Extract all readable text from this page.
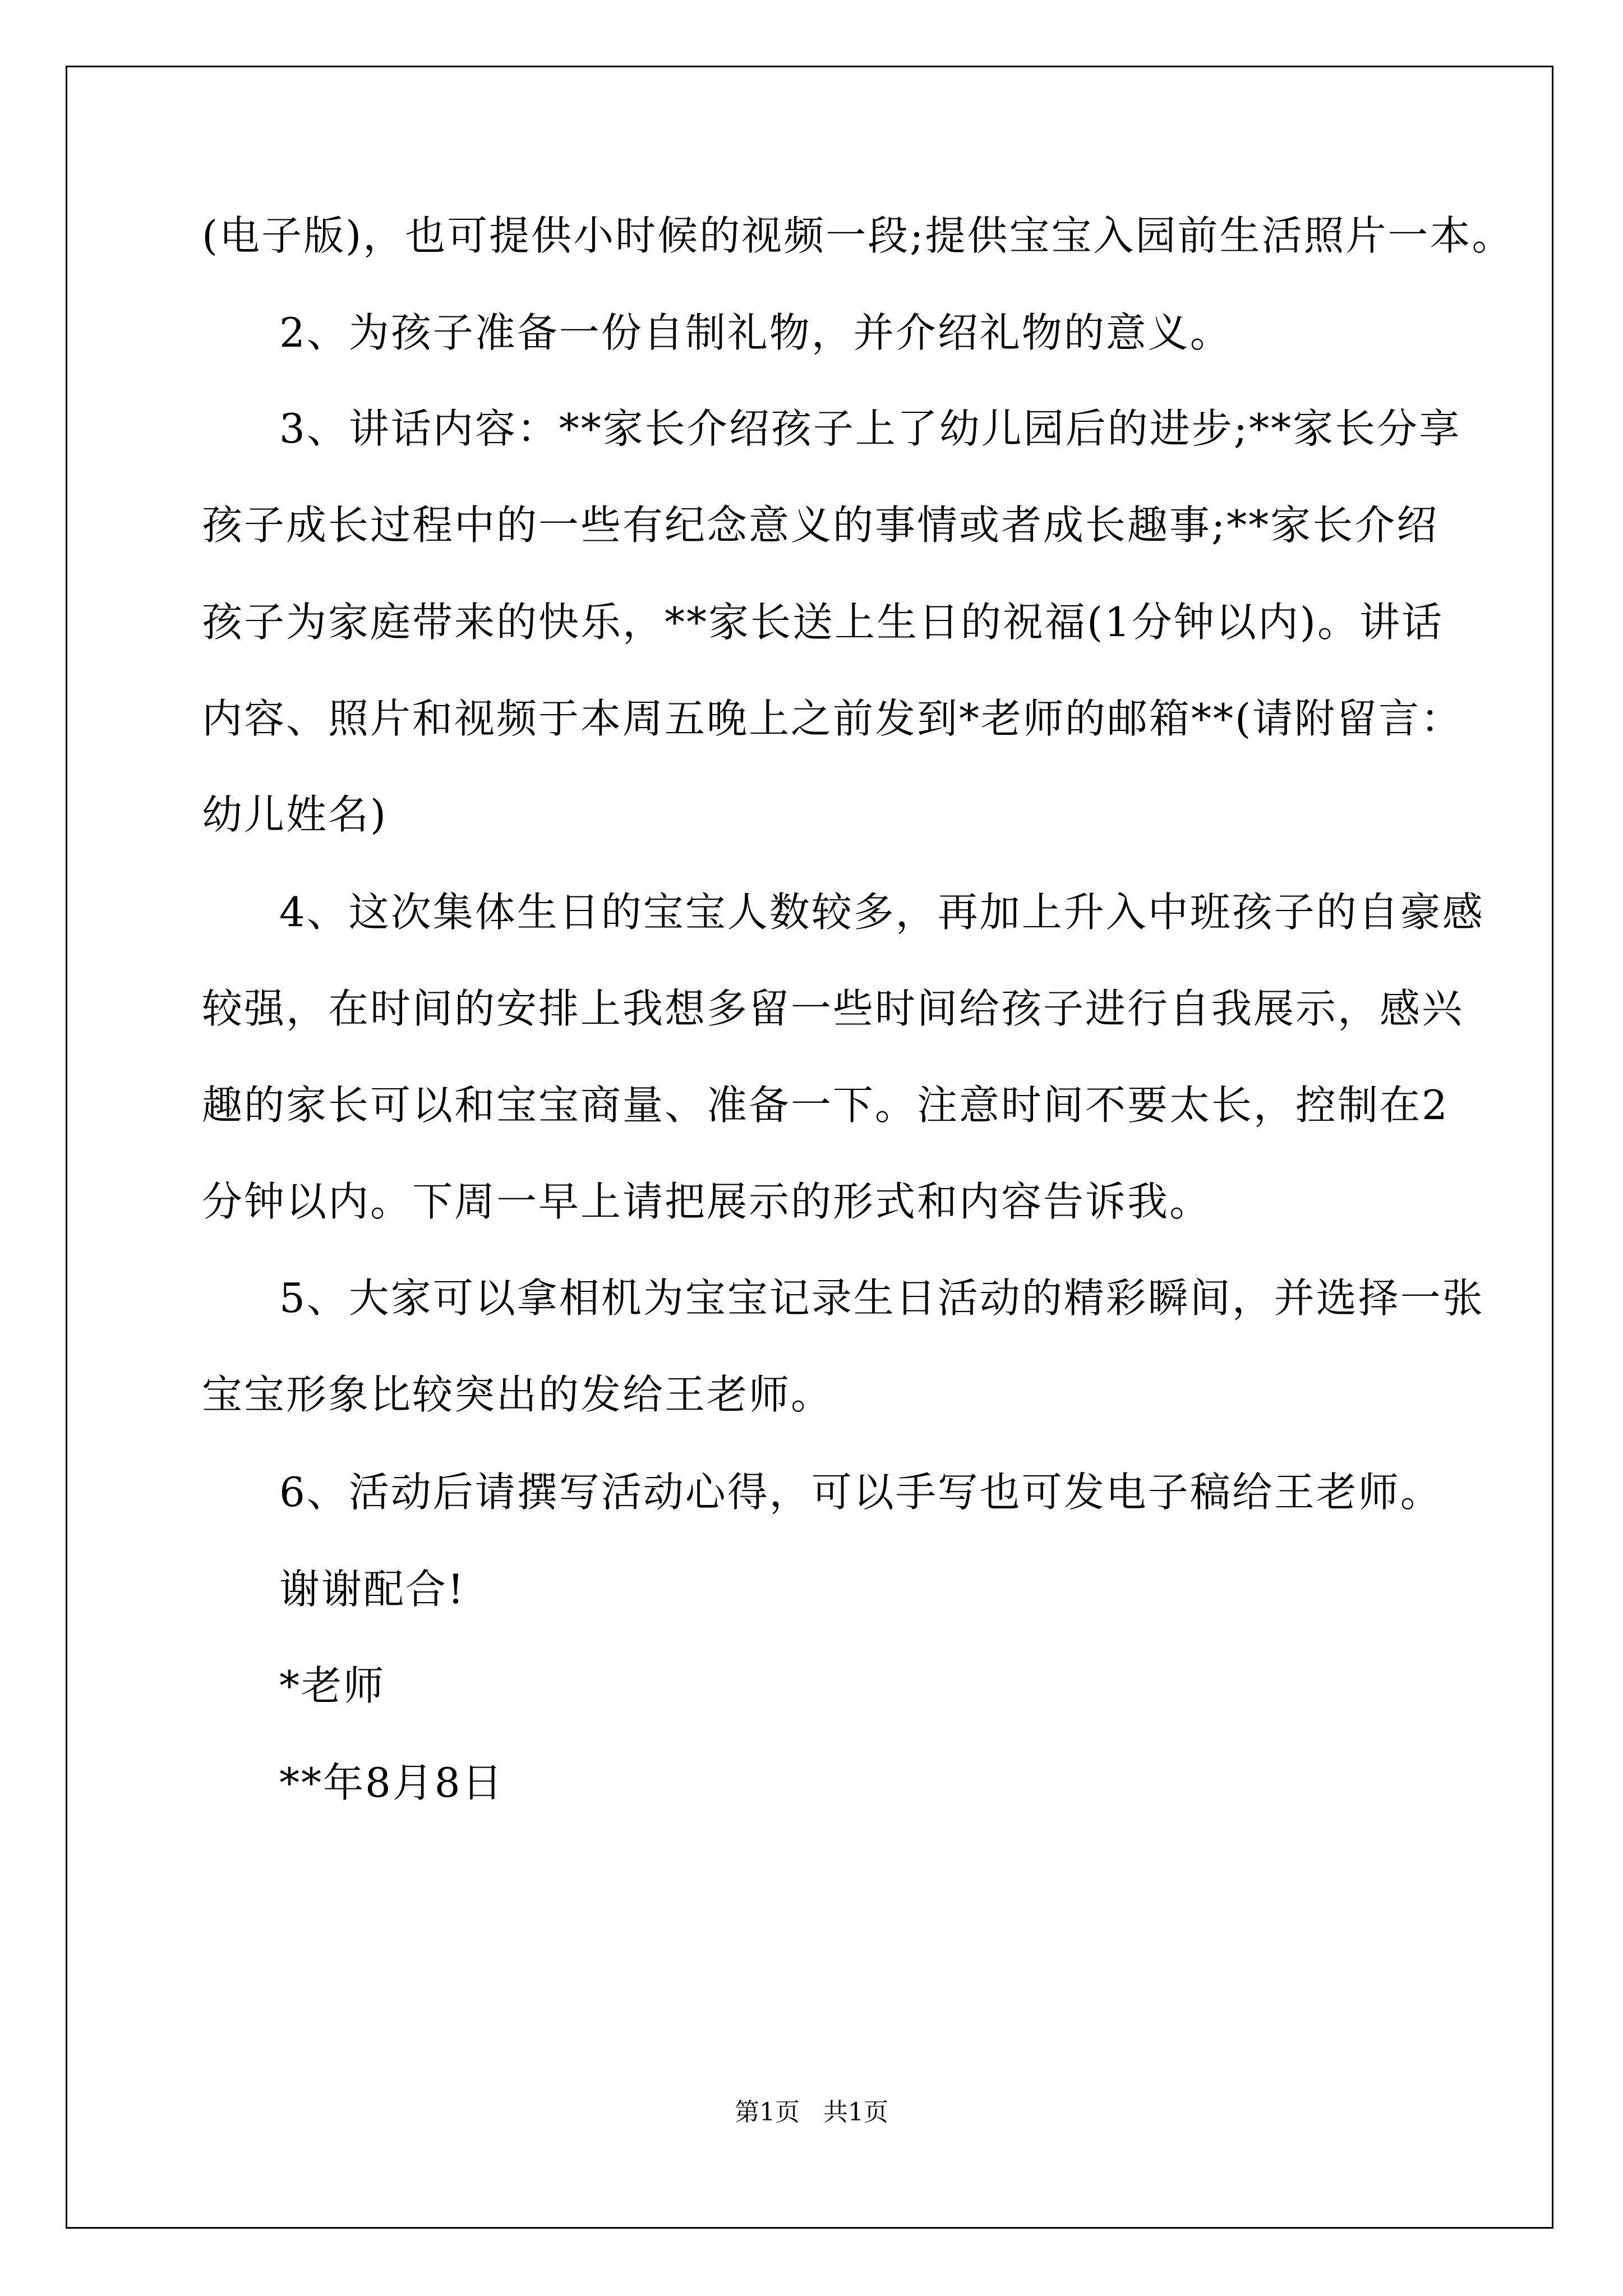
(电子版)，也可提供小时候的视频一段;提供宝宝入园前生活照片一本。
2、为孩子准备一份自制礼物，并介绍礼物的意义。
3、讲话内容：**家长介绍孩子上了幼儿园后的进步;**家长分享
孩子成长过程中的一些有纪念意义的事情或者成长趣事;**家长介绍
孩子为家庭带来的快乐，**家长送上生日的祝福(1分钟以内)。讲话
内容、照片和视频于本周五晚上之前发到*老师的邮箱**(请附留言：
幼儿姓名)
4、这次集体生日的宝宝人数较多，再加上升入中班孩子的自豪感
较强，在时间的安排上我想多留一些时间给孩子进行自我展示，感兴
趣的家长可以和宝宝商量、准备一下。注意时间不要太长，控制在2
分钟以内。下周一早上请把展示的形式和内容告诉我。
5、大家可以拿相机为宝宝记录生日活动的精彩瞬间，并选择一张
宝宝形象比较突出的发给王老师。
6、活动后请撰写活动心得，可以手写也可发电子稿给王老师。
谢谢配合!
*老师
**年8月8日
第1页   共1页
